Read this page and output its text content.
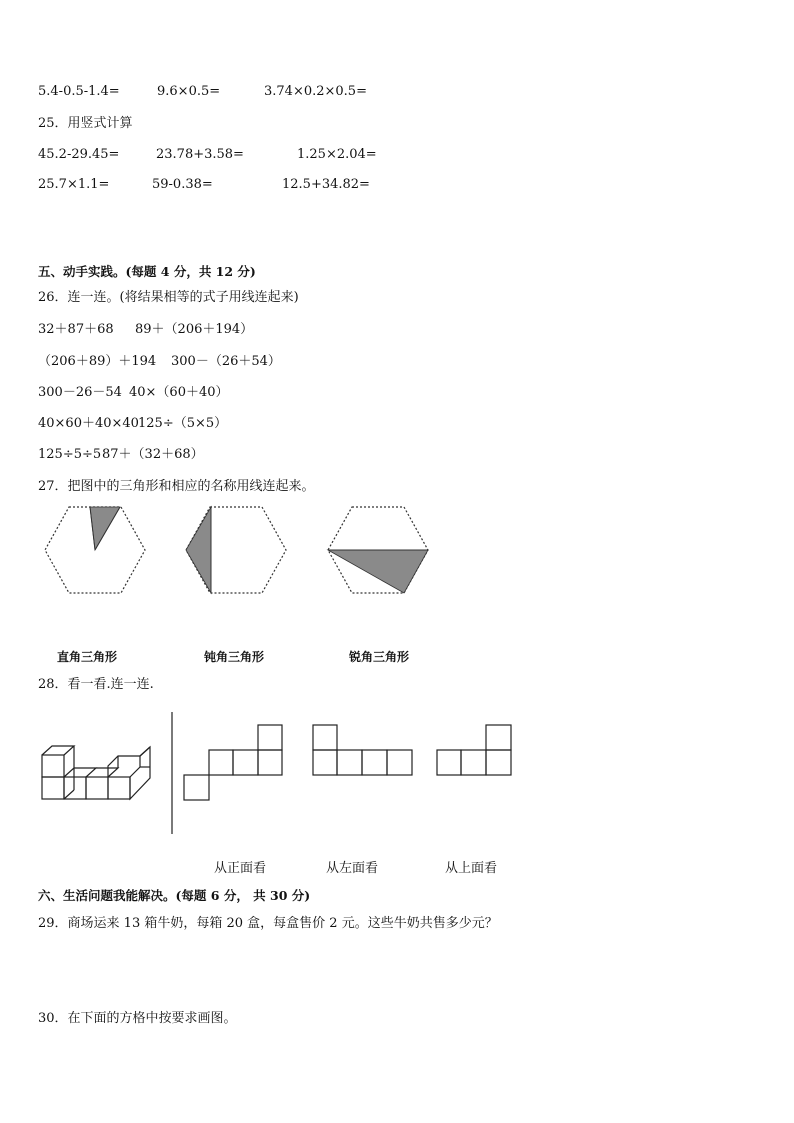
5.4-0.5-1.4=	9.6×0.5=	3.74×0.2×0.5=
25．用竖式计算
45.2-29.45=	23.78+3.58=	1.25×2.04=
25.7×1.1=	59-0.38=	12.5+34.82=
五、动手实践。(每题 4 分，共 12 分)
26．连一连。(将结果相等的式子用线连起来)
32＋87＋68 89＋（206＋194）
（206＋89）＋194 300－（26＋54）
300－26－54 40×（60＋40）
40×60＋40×40 125÷（5×5）
125÷5÷5 87＋（32＋68）
27．把图中的三角形和相应的名称用线连起来。
直角三角形	钝角三角形	锐角三角形
28．看一看.连一连.
从正面看	从左面看	从上面看
六、生活问题我能解决。(每题 6 分， 共 30 分)
29．商场运来 13 箱牛奶，每箱 20 盒，每盒售价 2 元。这些牛奶共售多少元？
30．在下面的方格中按要求画图。
